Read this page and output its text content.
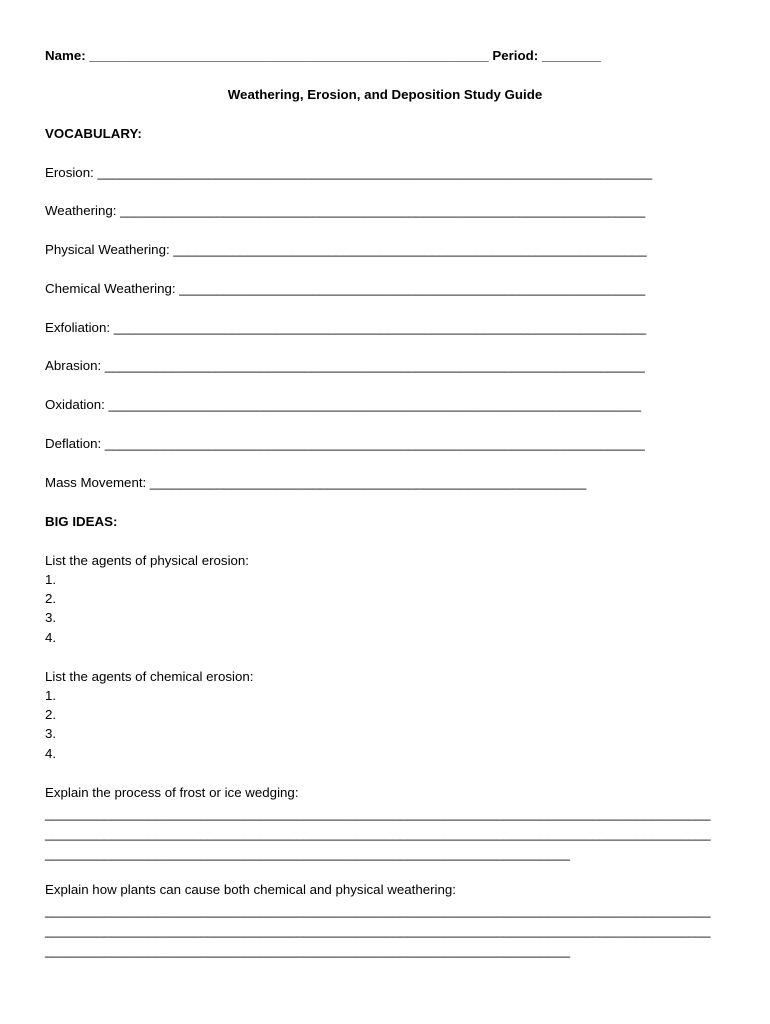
Name: ______________________________________________________ Period: ________
Weathering, Erosion, and Deposition Study Guide
VOCABULARY:
Erosion: ___________________________________________________________________________
Weathering: _______________________________________________________________________
Physical Weathering: ________________________________________________________________
Chemical Weathering: _______________________________________________________________
Exfoliation: ________________________________________________________________________
Abrasion: _________________________________________________________________________
Oxidation: ________________________________________________________________________
Deflation: _________________________________________________________________________
Mass Movement: ___________________________________________________________
BIG IDEAS:
List the agents of physical erosion:
1.
2.
3.
4.
List the agents of chemical erosion:
1.
2.
3.
4.
Explain the process of frost or ice wedging:
__________________________________________________________________________________________
__________________________________________________________________________________________
_______________________________________________________________________
Explain how plants can cause both chemical and physical weathering:
__________________________________________________________________________________________
__________________________________________________________________________________________
_______________________________________________________________________
